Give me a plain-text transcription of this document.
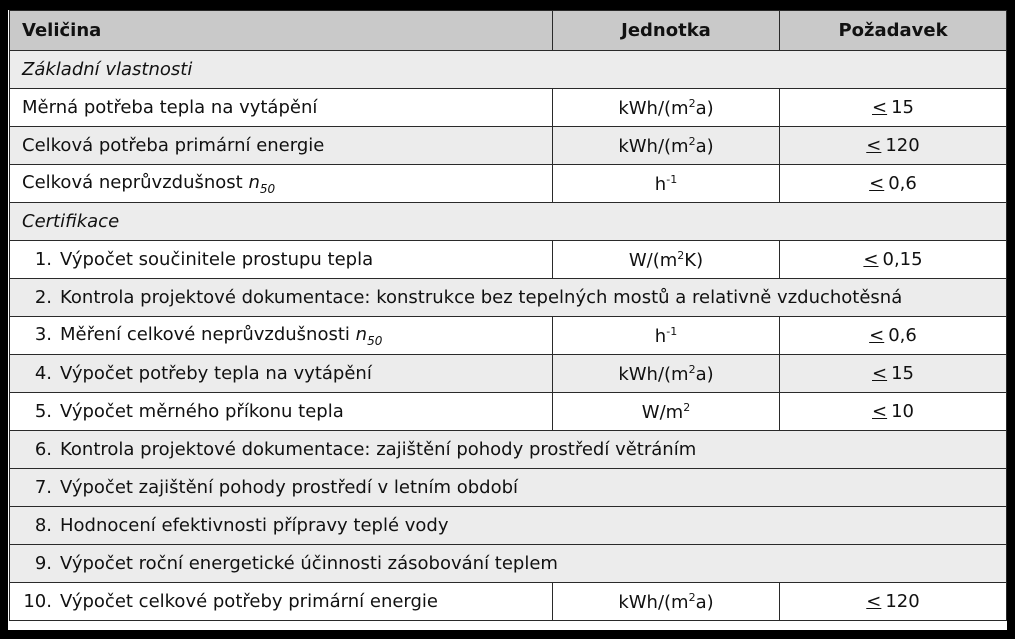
Veličina	Jednotka	Požadavek
Základní vlastnosti		
Měrná potřeba tepla na vytápění	kWh/$(m^2a)$	< 15
Celková potřeba primární energie	kWh/$(m^2a)$	< 120
Celková neprůvzdušnost $n_{50}$	$h^{-1}$	< 0,6
Certifikace		
1. Výpočet součinitele prostupu tepla	$W/(m^2K)$	< 0,15
2. Kontrola projektové dokumentace: konstrukce bez tepelných mostů a relativně vzduchotěsná		
3. Měření celkové neprůvzdušnosti $n_{50}$	$h^{-1}$	< 0,6
4. Výpočet potřeby tepla na vytápění	kWh/$(m^2a)$	< 15
5. Výpočet měrného příkonu tepla	$W/m^2$	< 10
6. Kontrola projektové dokumentace: zajištění pohody prostředí větráním		
7. Výpočet zajištění pohody prostředí v letním období		
8. Hodnocení efektivnosti přípravy teplé vody		
9. Výpočet roční energetické účinnosti zásobování teplem		
10. Výpočet celkové potřeby primární energie	kWh/$(m^2a)$	< 120
